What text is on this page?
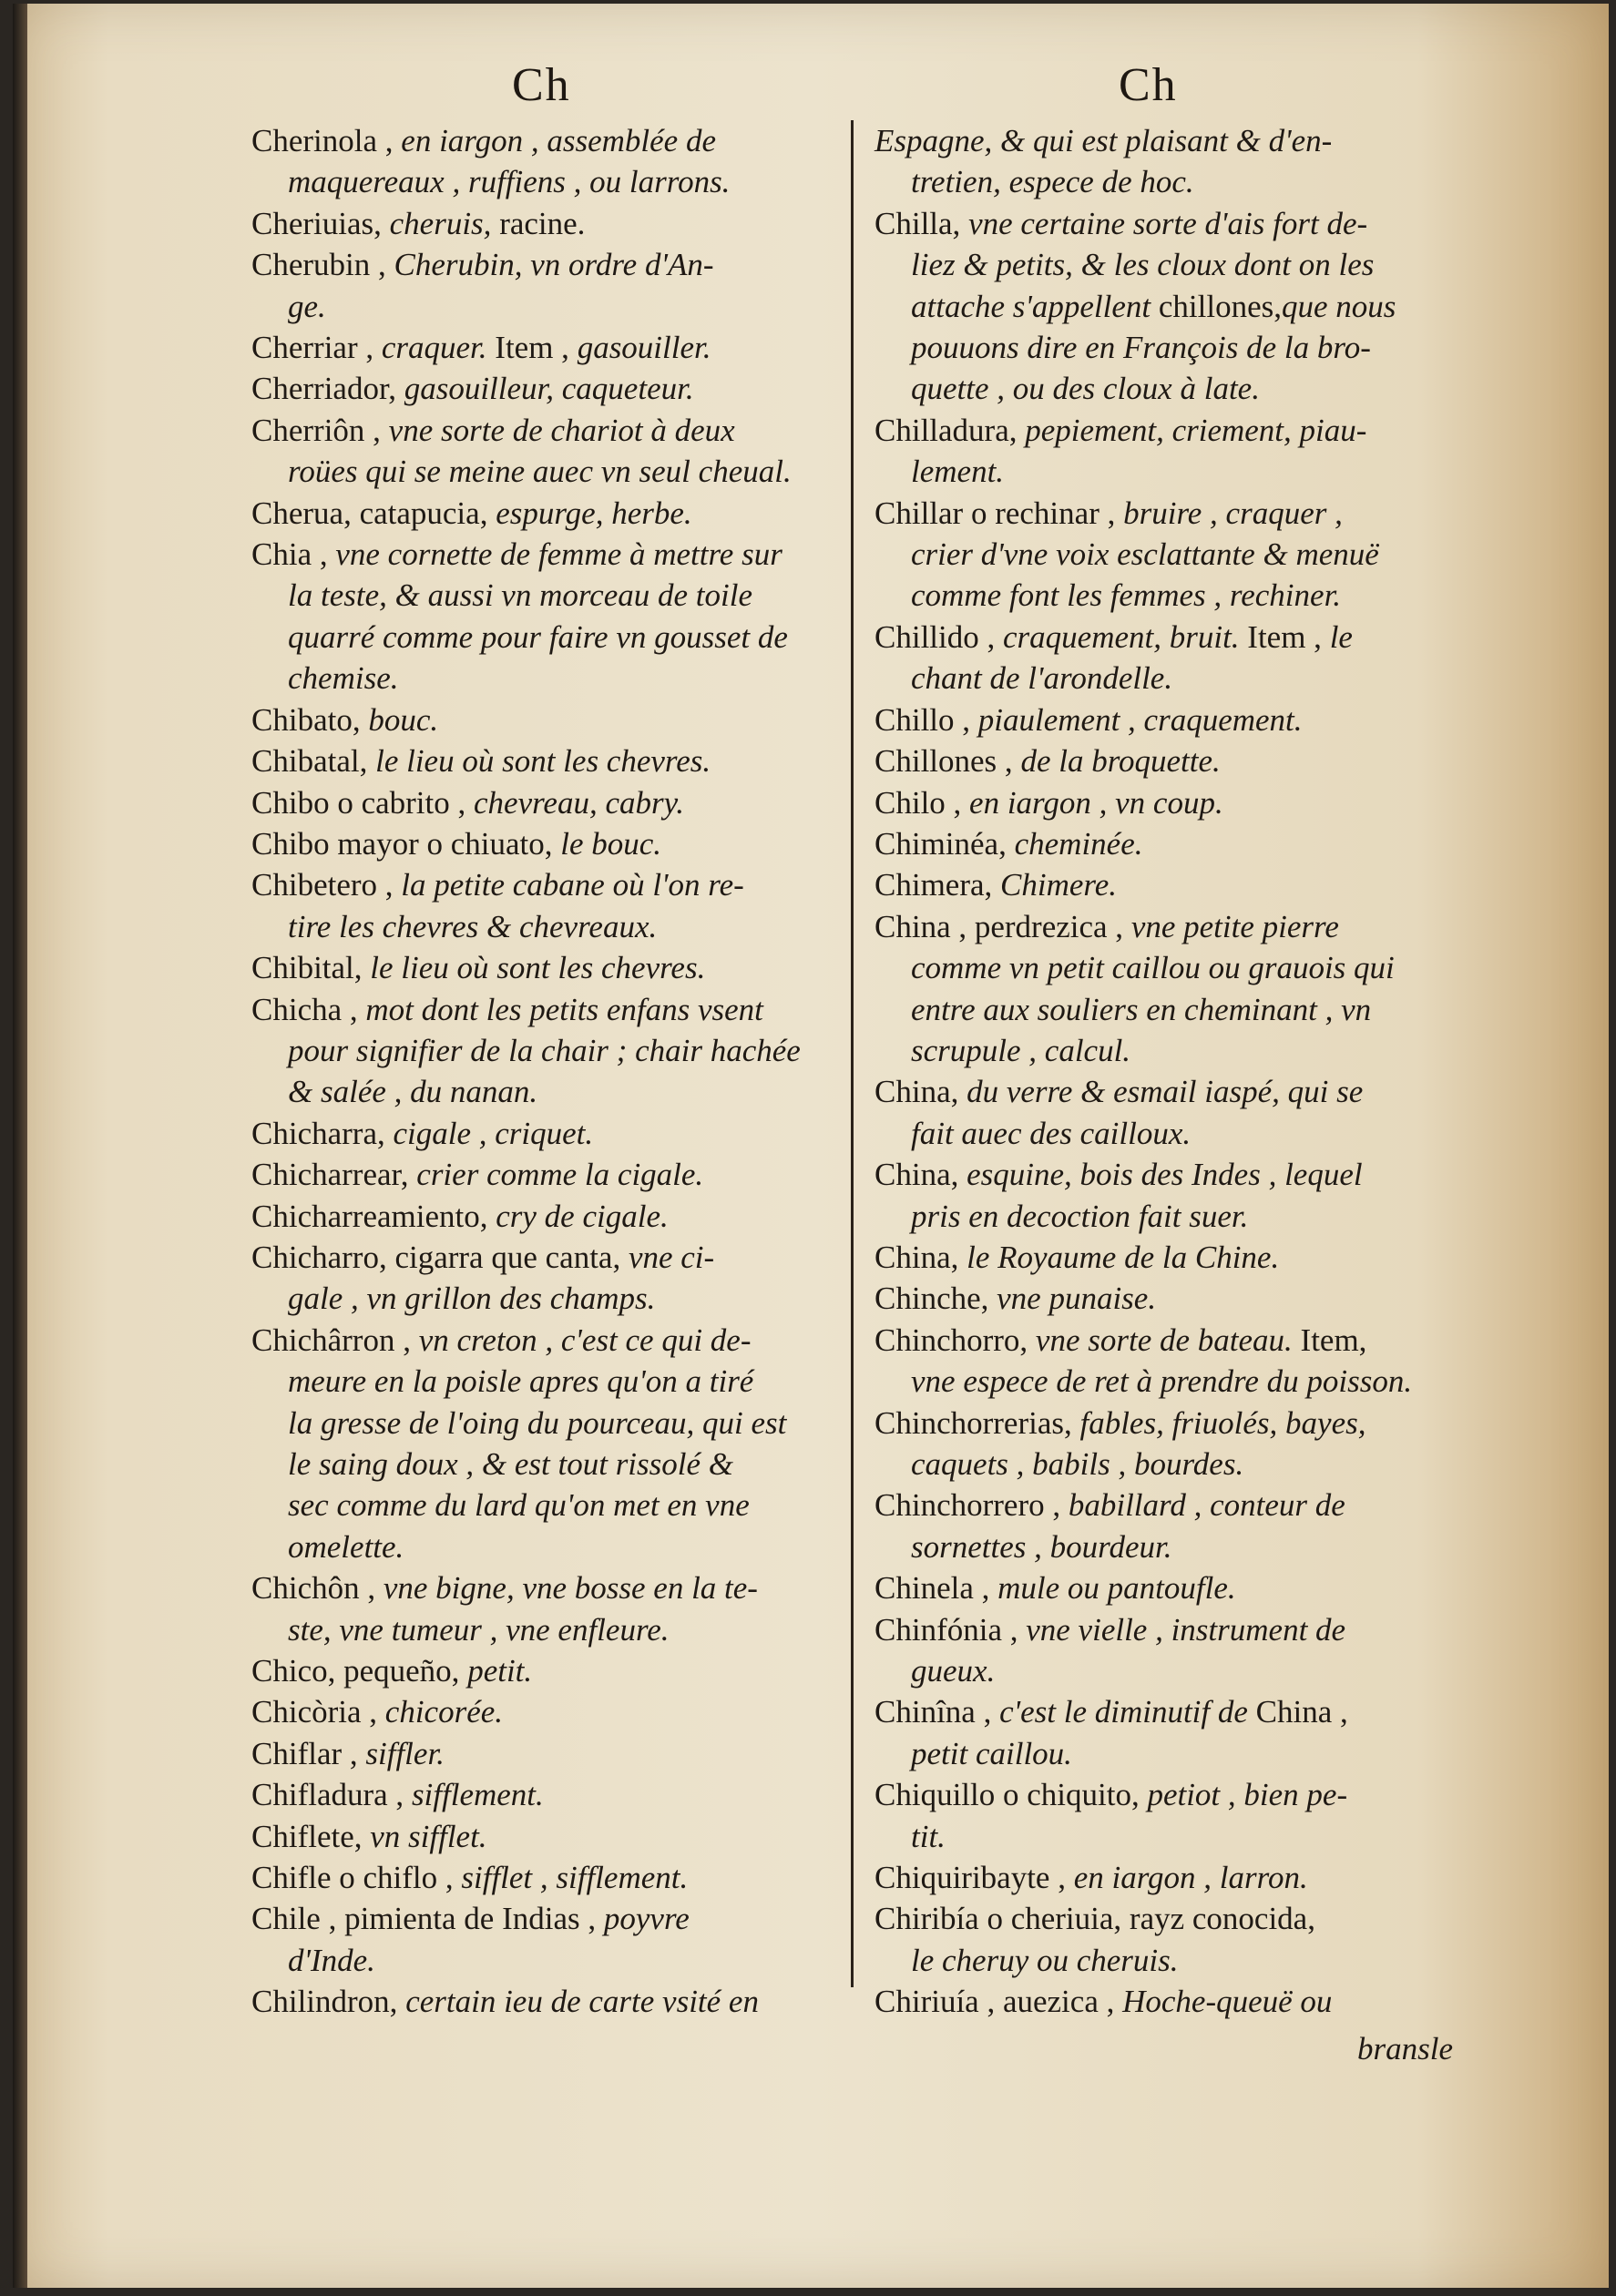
Ch	Ch
Cherinola , en iargon , assemblée de
maquereaux , ruffiens , ou larrons.
Cheriuias, cheruis, racine.
Cherubin , Cherubin, vn ordre d'An-
ge.
Cherriar , craquer. Item , gasouiller.
Cherriador, gasouilleur, caqueteur.
Cherriôn , vne sorte de chariot à deux
roües qui se meine auec vn seul cheual.
Cherua, catapucia, espurge, herbe.
Chia , vne cornette de femme à mettre sur
la teste, & aussi vn morceau de toile
quarré comme pour faire vn gousset de
chemise.
Chibato, bouc.
Chibatal, le lieu où sont les chevres.
Chibo o cabrito , chevreau, cabry.
Chibo mayor o chiuato, le bouc.
Chibetero , la petite cabane où l'on re-
tire les chevres & chevreaux.
Chibital, le lieu où sont les chevres.
Chicha , mot dont les petits enfans vsent
pour signifier de la chair ; chair hachée
& salée , du nanan.
Chicharra, cigale , criquet.
Chicharrear, crier comme la cigale.
Chicharreamiento, cry de cigale.
Chicharro, cigarra que canta, vne ci-
gale , vn grillon des champs.
Chichârron , vn creton , c'est ce qui de-
meure en la poisle apres qu'on a tiré
la gresse de l'oing du pourceau, qui est
le saing doux , & est tout rissolé &
sec comme du lard qu'on met en vne
omelette.
Chichôn , vne bigne, vne bosse en la te-
ste, vne tumeur , vne enfleure.
Chico, pequeño, petit.
Chicòria , chicorée.
Chiflar , siffler.
Chifladura , sifflement.
Chiflete, vn sifflet.
Chifle o chiflo , sifflet , sifflement.
Chile , pimienta de Indias , poyvre
d'Inde.
Chilindron, certain ieu de carte vsité en
Espagne, & qui est plaisant & d'en-
tretien, espece de hoc.
Chilla, vne certaine sorte d'ais fort de-
liez & petits, & les cloux dont on les
attache s'appellent chillones,que nous
pouuons dire en François de la bro-
quette , ou des cloux à late.
Chilladura, pepiement, criement, piau-
lement.
Chillar o rechinar , bruire , craquer ,
crier d'vne voix esclattante & menuë
comme font les femmes , rechiner.
Chillido , craquement, bruit. Item , le
chant de l'arondelle.
Chillo , piaulement , craquement.
Chillones , de la broquette.
Chilo , en iargon , vn coup.
Chiminéa, cheminée.
Chimera, Chimere.
China , perdrezica , vne petite pierre
comme vn petit caillou ou grauois qui
entre aux souliers en cheminant , vn
scrupule , calcul.
China, du verre & esmail iaspé, qui se
fait auec des cailloux.
China, esquine, bois des Indes , lequel
pris en decoction fait suer.
China, le Royaume de la Chine.
Chinche, vne punaise.
Chinchorro, vne sorte de bateau. Item,
vne espece de ret à prendre du poisson.
Chinchorrerias, fables, friuolés, bayes,
caquets , babils , bourdes.
Chinchorrero , babillard , conteur de
sornettes , bourdeur.
Chinela , mule ou pantoufle.
Chinfónia , vne vielle , instrument de
gueux.
Chinîna , c'est le diminutif de China ,
petit caillou.
Chiquillo o chiquito, petiot , bien pe-
tit.
Chiquiribayte , en iargon , larron.
Chiribía o cheriuia, rayz conocida,
le cheruy ou cheruis.
Chiriuía , auezica , Hoche-queuë ou
bransle
